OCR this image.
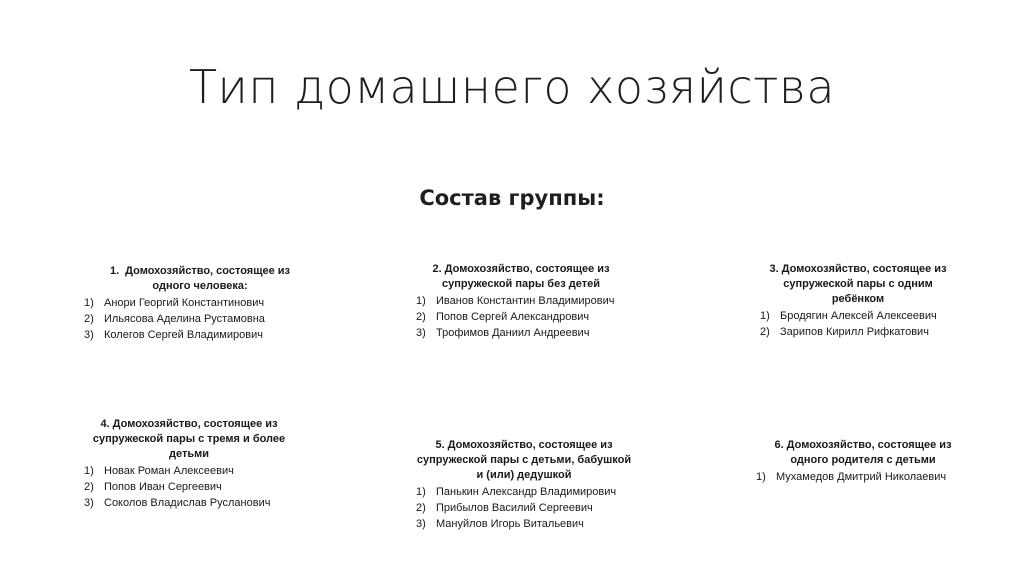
Тип домашнего хозяйства
Состав группы:

1. Домохозяйство, состоящее из одного человека:

1) Анори Георгий Константинович
2) Ильясова Аделина Рустамовна
3) Колегов Сергей Владимирович

2. Домохозяйство, состоящее из супружеской пары без детей

1) Иванов Константин Владимирович
2) Попов Сергей Александрович
3) Трофимов Даниил Андреевич

3. Домохозяйство, состоящее из супружеской пары с одним ребёнком

1) Бродягин Алексей Алексеевич
2) Зарипов Кирилл Рифкатович

4. Домохозяйство, состоящее из супружеской пары с тремя и более детьми

1) Новак Роман Алексеевич
2) Попов Иван Сергеевич
3) Соколов Владислав Русланович

5. Домохозяйство, состоящее из супружеской пары с детьми, бабушкой и (или) дедушкой

1) Панькин Александр Владимирович
2) Прибылов Василий Сергеевич
3) Мануйлов Игорь Витальевич

6. Домохозяйство, состоящее из одного родителя с детьми

1) Мухамедов Дмитрий Николаевич
